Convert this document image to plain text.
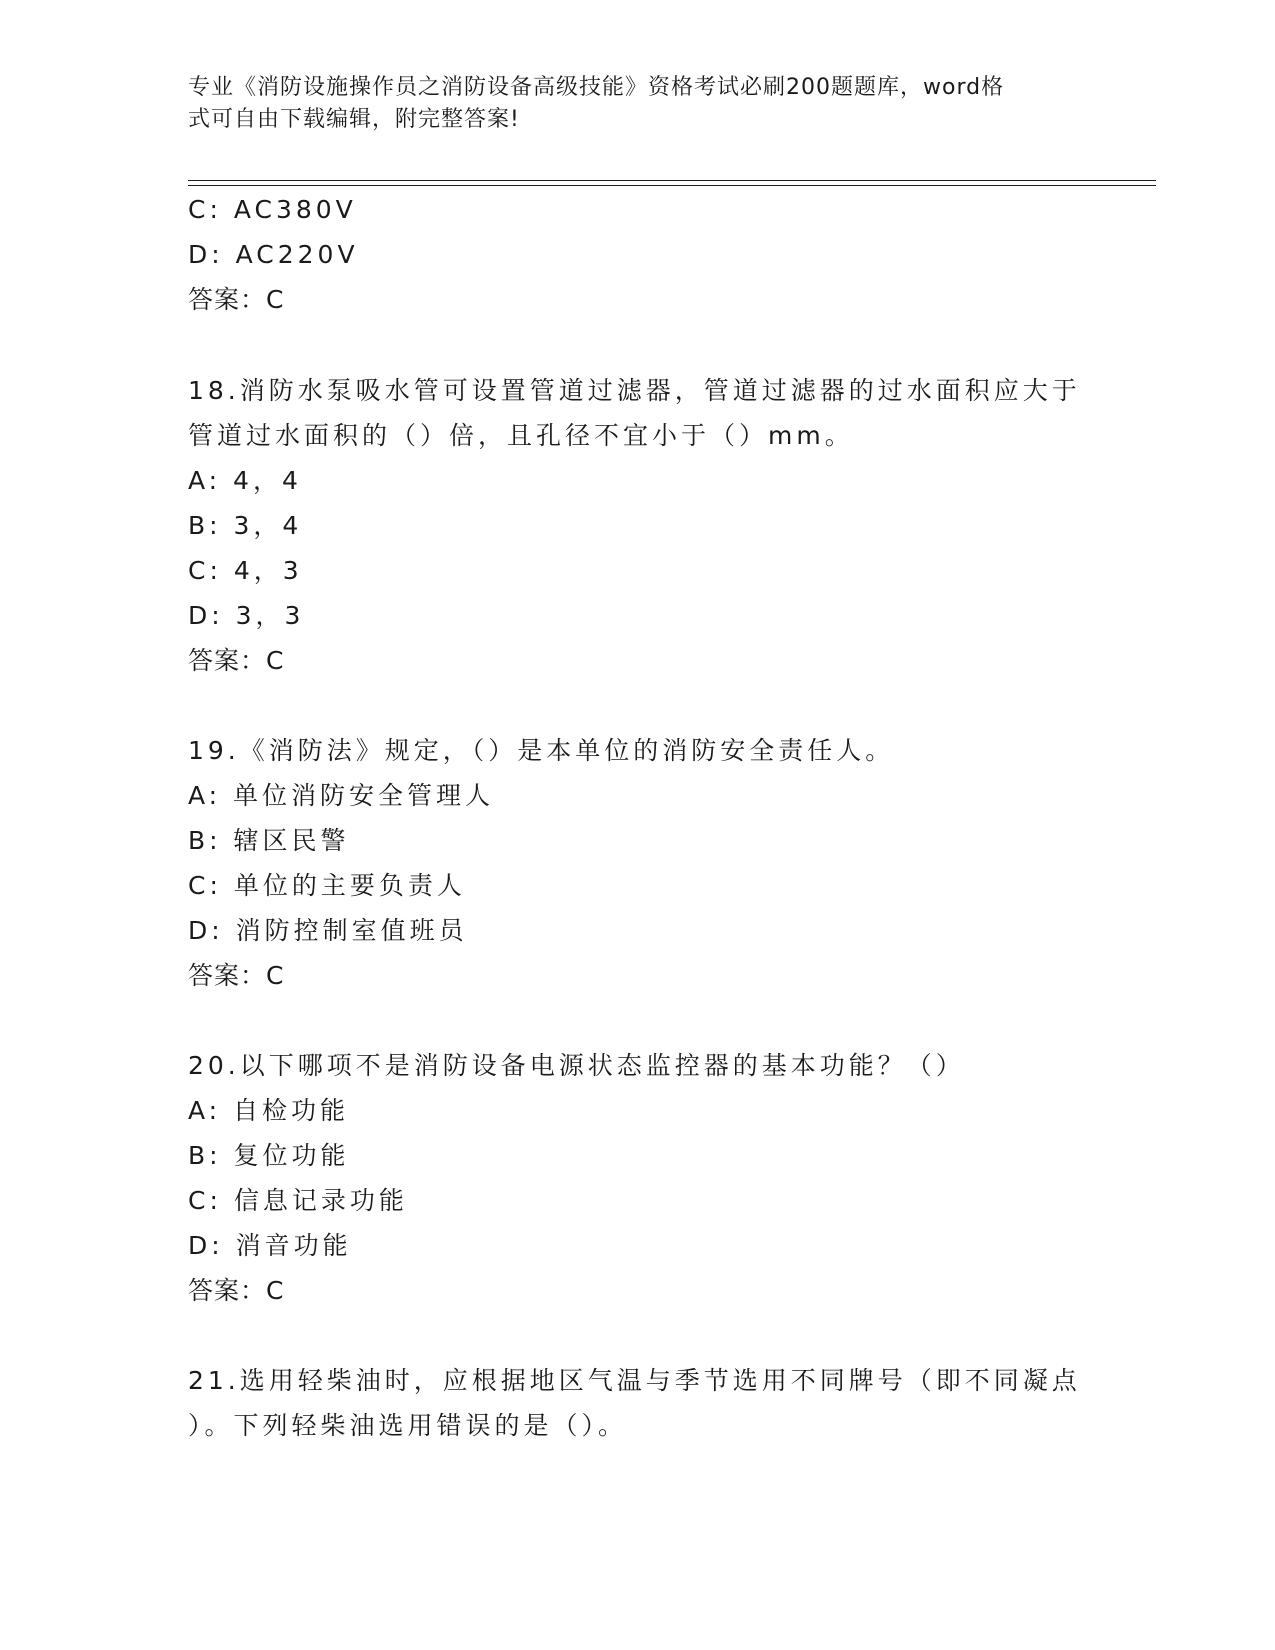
专业《消防设施操作员之消防设备高级技能》资格考试必刷200题题库，word格
式可自由下载编辑，附完整答案!
C: AC380V
D: AC220V
答案：C
18.消防水泵吸水管可设置管道过滤器，管道过滤器的过水面积应大于
管道过水面积的（）倍，且孔径不宜小于（）mm。
A: 4，4
B: 3，4
C: 4，3
D: 3，3
答案：C
19.《消防法》规定，（）是本单位的消防安全责任人。
A: 单位消防安全管理人
B: 辖区民警
C: 单位的主要负责人
D: 消防控制室值班员
答案：C
20.以下哪项不是消防设备电源状态监控器的基本功能？（）
A: 自检功能
B: 复位功能
C: 信息记录功能
D: 消音功能
答案：C
21.选用轻柴油时，应根据地区气温与季节选用不同牌号（即不同凝点
）。下列轻柴油选用错误的是（）。
